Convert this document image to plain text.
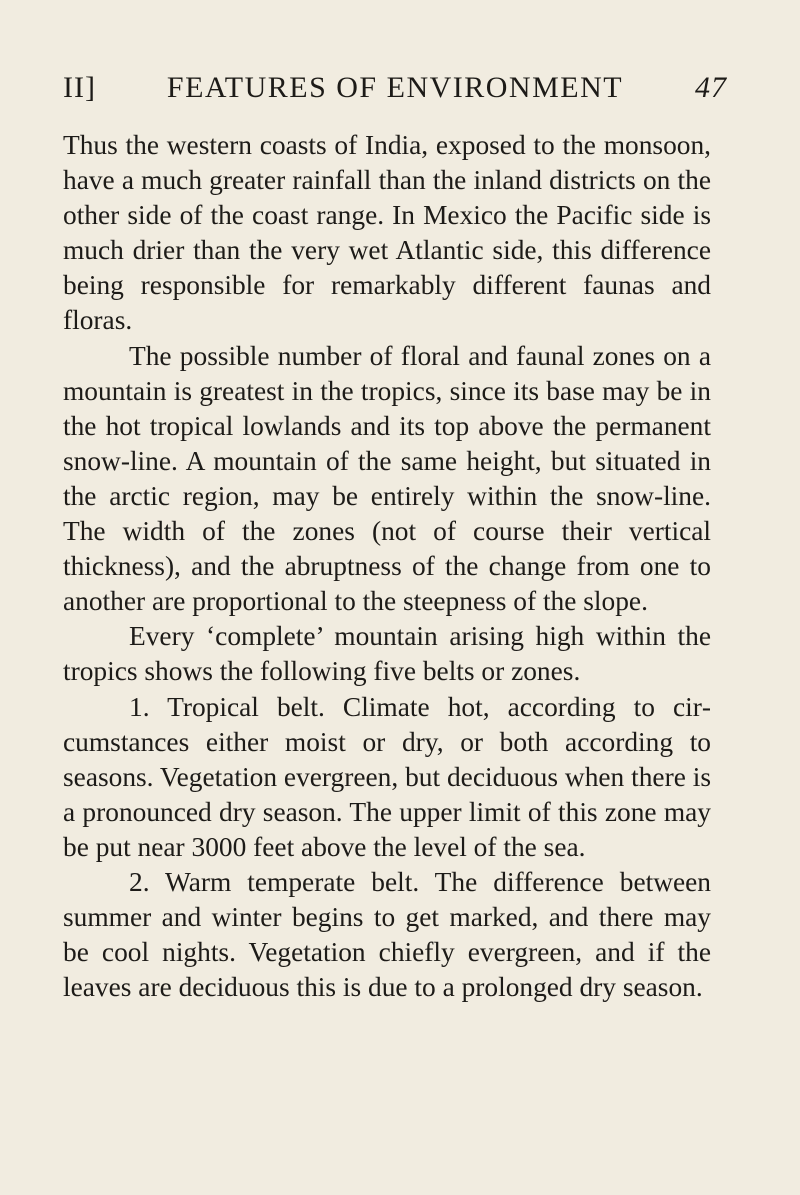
II]	FEATURES OF ENVIRONMENT	47

Thus the western coasts of India, exposed to the monsoon, have a much greater rainfall than the inland districts on the other side of the coast range. In Mexico the Pacific side is much drier than the very wet Atlantic side, this difference being responsible for remarkably different faunas and floras.

The possible number of floral and faunal zones on a mountain is greatest in the tropics, since its base may be in the hot tropical lowlands and its top above the permanent snow-line. A mountain of the same height, but situated in the arctic region, may be entirely within the snow-line. The width of the zones (not of course their vertical thickness), and the abruptness of the change from one to another are proportional to the steepness of the slope.

Every ‘complete’ mountain arising high within the tropics shows the following five belts or zones.

1. Tropical belt. Climate hot, according to circumstances either moist or dry, or both according to seasons. Vegetation evergreen, but deciduous when there is a pronounced dry season. The upper limit of this zone may be put near 3000 feet above the level of the sea.

2. Warm temperate belt. The difference between summer and winter begins to get marked, and there may be cool nights. Vegetation chiefly evergreen, and if the leaves are deciduous this is due to a prolonged dry season.
